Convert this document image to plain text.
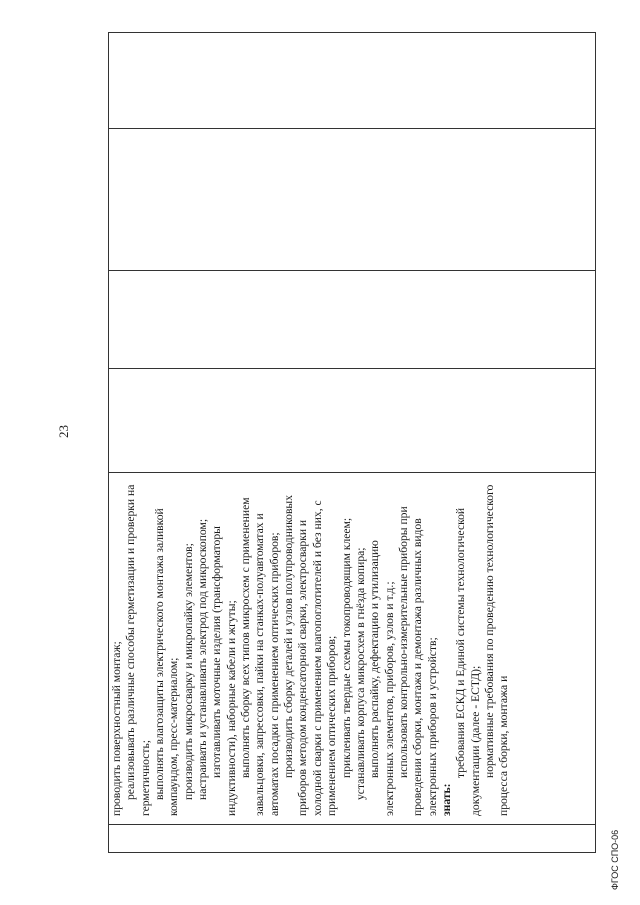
23
ФГОС СПО-06

проводить поверхностный монтаж; реализовывать различные способы герметизации и проверки на герметичность; выполнять влагозащиты электрического монтажа заливкой компаундом, пресс-материалом; производить микросварку и микропайку элементов; настраивать и устанавливать электрод под микроскопом; изготавливать моточные изделия (трансформаторы индуктивности), наборные кабели и жгуты; выполнять сборку всех типов микросхем с применением завальцовки, запрессовки, пайки на станках-полуавтоматах и автоматах посадки с применением оптических приборов; производить сборку деталей и узлов полупроводниковых приборов методом конденсаторной сварки, электросварки и холодной сварки с применением влагопоглотителей и без них, с применением оптических приборов; приклеивать твердые схемы токопроводящим клеем; устанавливать корпуса микросхем в гнёзда копира; выполнять распайку, дефектацию и утилизацию электронных элементов, приборов, узлов и т.д.; использовать контрольно-измерительные приборы при проведении сборки, монтажа и демонтажа различных видов электронных приборов и устройств; знать:

требования ЕСКД и Единой системы технологической документации (далее - ЕСТД); нормативные требования по проведению технологического процесса сборки, монтажа и
